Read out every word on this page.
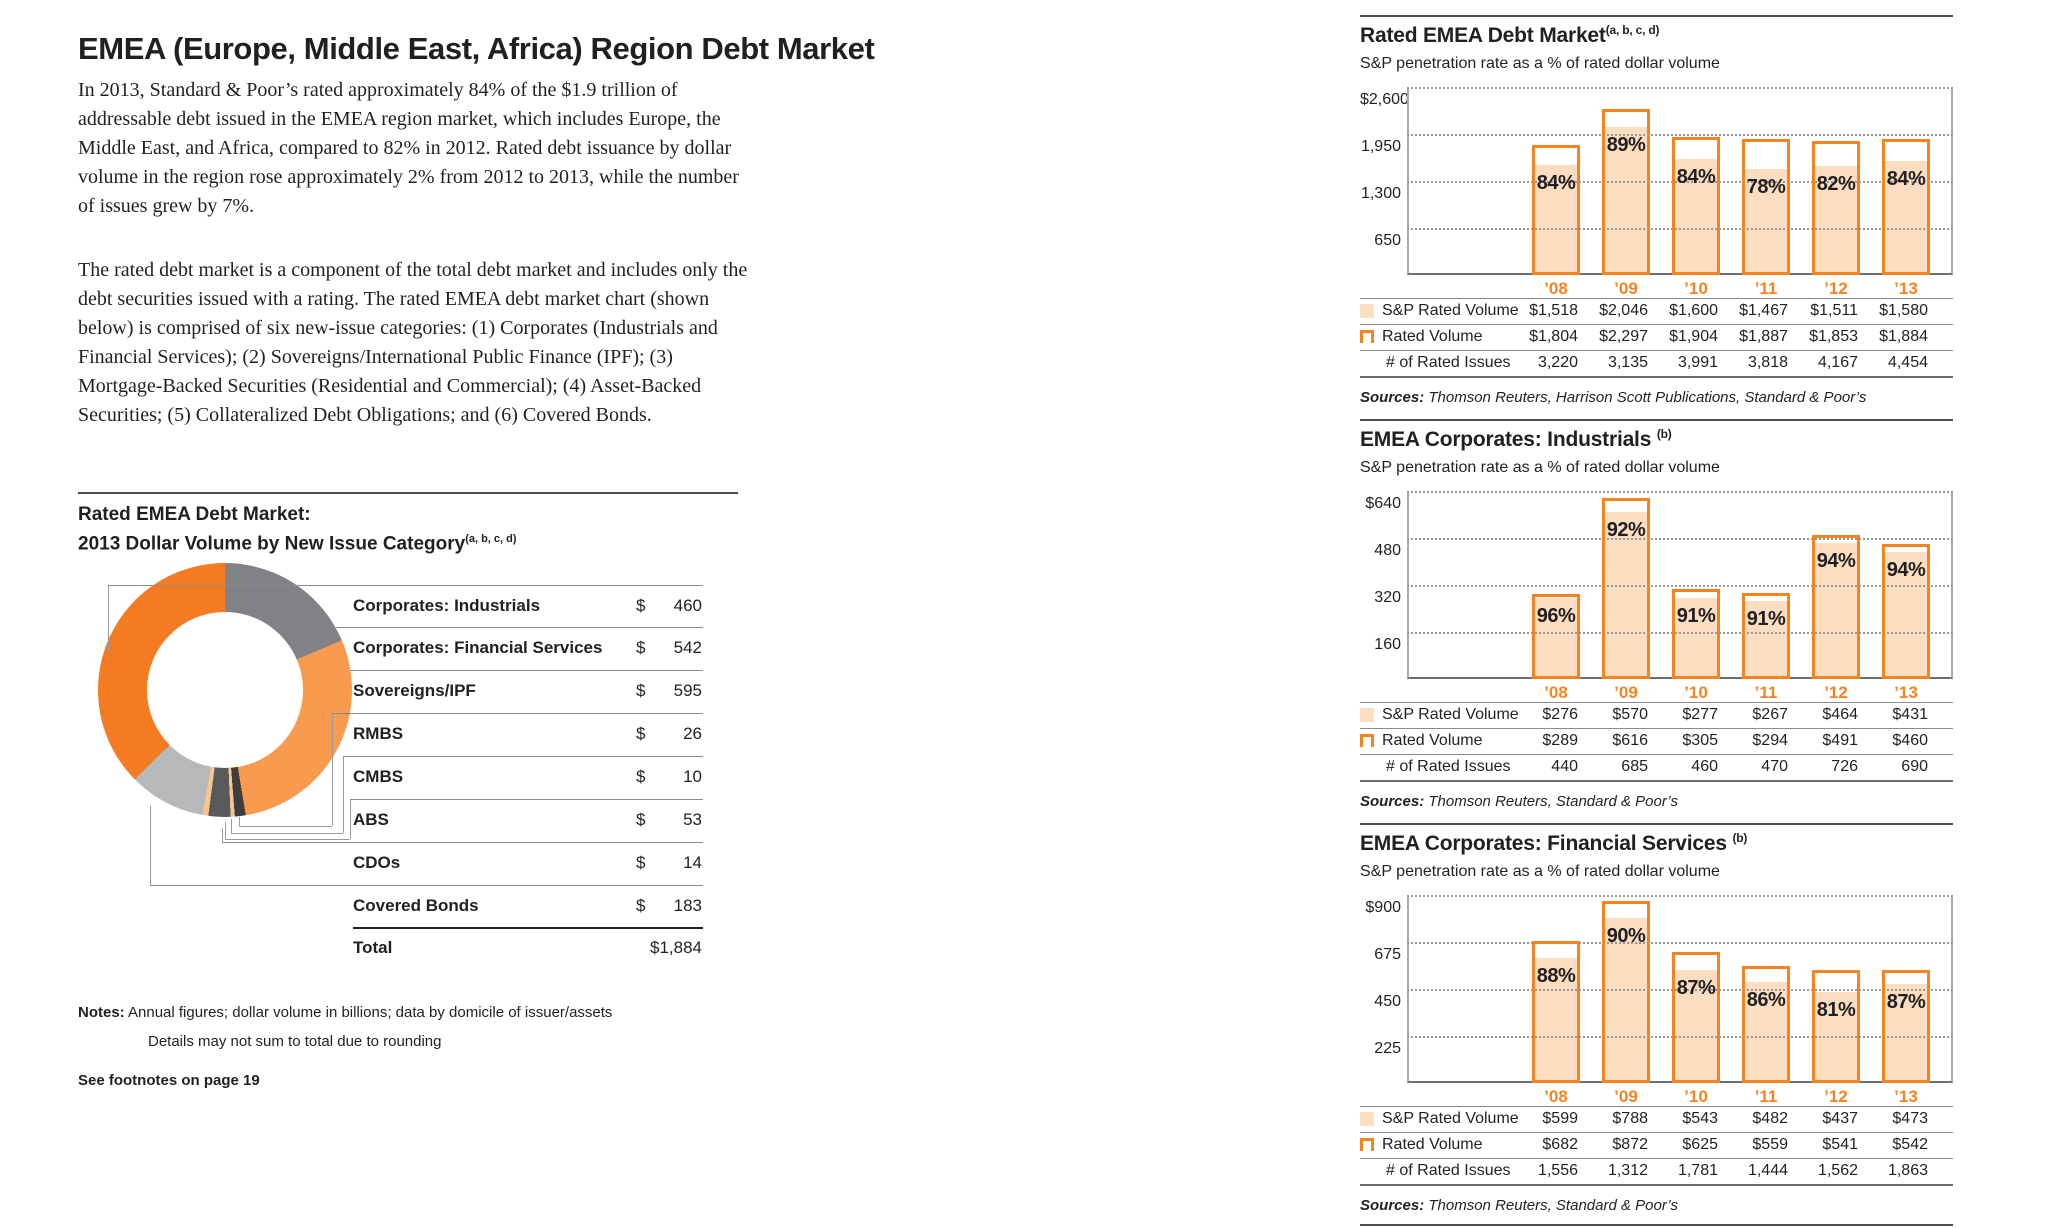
EMEA (Europe, Middle East, Africa) Region Debt Market

In 2013, Standard & Poor’s rated approximately 84% of the $1.9 trillion of addressable debt issued in the EMEA region market, which includes Europe, the Middle East, and Africa, compared to 82% in 2012. Rated debt issuance by dollar volume in the region rose approximately 2% from 2012 to 2013, while the number of issues grew by 7%.

The rated debt market is a component of the total debt market and includes only the debt securities issued with a rating. The rated EMEA debt market chart (shown below) is comprised of six new-issue categories: (1) Corporates (Industrials and Financial Services); (2) Sovereigns/International Public Finance (IPF); (3) Mortgage-Backed Securities (Residential and Commercial); (4) Asset-Backed Securities; (5) Collateralized Debt Obligations; and (6) Covered Bonds.

Rated EMEA Debt Market:
2013 Dollar Volume by New Issue Category$^{(a, b, c, d)}$
Corporates: Industrials	$	460
Corporates: Financial Services $	542
Sovereigns/IPF	$	595
RMBS	$	26
CMBS	$	10
ABS	$	53
CDOs	$	14
Covered Bonds	$	183
Total	$1,884
Notes: Annual figures; dollar volume in billions; data by domicile of issuer/assets
Details may not sum to total due to rounding
See footnotes on page 19
Rated EMEA Debt Market$^{(a, b, c, d)}$
S&P penetration rate as a % of rated dollar volume
$2,600
1,950
1,300
650
84%
89%
84%	78%	82%	84%
S&P Rated Volume $1,518	$2,046	$1,600	$1,467	$1,511	$1,580
Rated Volume	$1,804	$2,297	$1,904	$1,887	$1,853	$1,884
# of Rated Issues	3,220	3,135	3,991	3,818	4,167	4,454
Sources: Thomson Reuters, Harrison Scott Publications, Standard & Poor’s
’08	’09	’10	’11	’12	’13
EMEA Corporates: Industrials $^{(b)}$
S&P penetration rate as a % of rated dollar volume
$640
480
320
160
96%
92%
91%	91%
94%	94%
S&P Rated Volume	$276	$570	$277	$267	$464	$431
Rated Volume	$289	$616	$305	$294	$491	$460
# of Rated Issues	440	685	460	470	726	690
Sources: Thomson Reuters, Standard & Poor’s
’08	’09	’10	’11	’12	’13
EMEA Corporates: Financial Services $^{(b)}$
S&P penetration rate as a % of rated dollar volume
$900
675
450
225
88%
90%
87%
86%	81%	87%
S&P Rated Volume	$599	$788	$543	$482	$437	$473
Rated Volume	$682	$872	$625	$559	$541	$542
# of Rated Issues	1,556	1,312	1,781	1,444	1,562	1,863
Sources: Thomson Reuters, Standard & Poor’s
’08	’09	’10	’11	’12	’13
